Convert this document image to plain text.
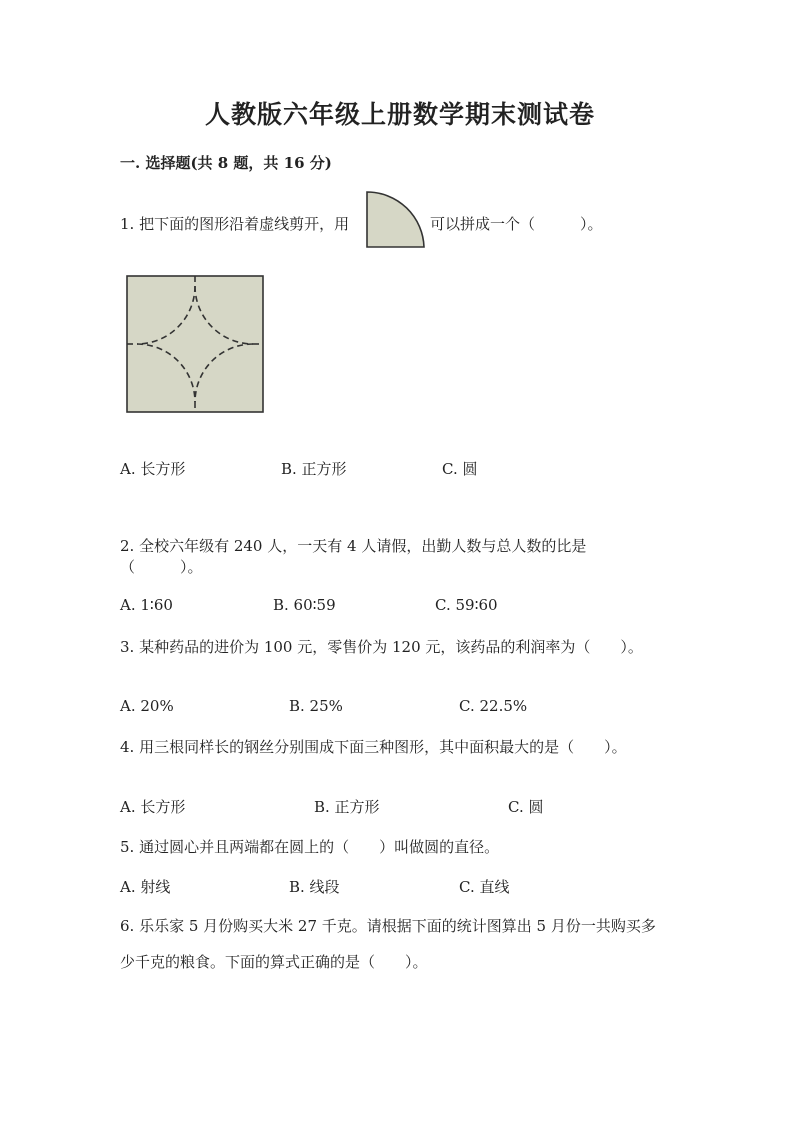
人教版六年级上册数学期末测试卷
一. 选择题(共 8 题，共 16 分)
1. 把下面的图形沿着虚线剪开，用	可以拼成一个（　　　）。
A. 长方形	B. 正方形	C. 圆
2. 全校六年级有 240 人，一天有 4 人请假，出勤人数与总人数的比是
（　　　）。
A. 1∶60	B. 60∶59	C. 59∶60
3. 某种药品的进价为 100 元，零售价为 120 元，该药品的利润率为（　　）。
A. 20%	B. 25%	C. 22.5%
4. 用三根同样长的钢丝分别围成下面三种图形，其中面积最大的是（　　）。
A. 长方形	B. 正方形	C. 圆
5. 通过圆心并且两端都在圆上的（　　）叫做圆的直径。
A. 射线	B. 线段	C. 直线
6. 乐乐家 5 月份购买大米 27 千克。请根据下面的统计图算出 5 月份一共购买多
少千克的粮食。下面的算式正确的是（　　）。
